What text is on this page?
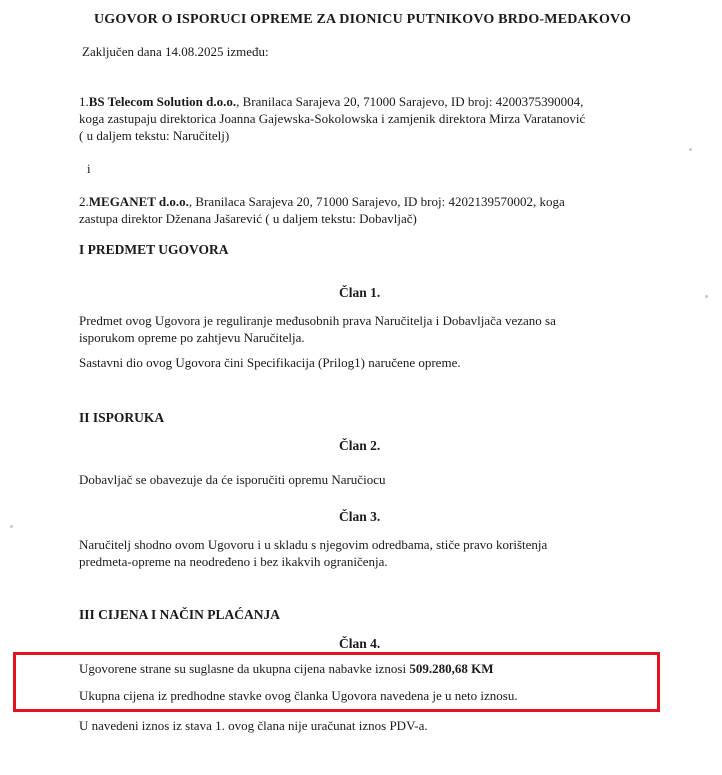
UGOVOR O ISPORUCI OPREME ZA DIONICU PUTNIKOVO BRDO-MEDAKOVO
Zaključen dana 14.08.2025 između:
1.BS Telecom Solution d.o.o., Branilaca Sarajeva 20, 71000 Sarajevo, ID broj: 4200375390004,
koga zastupaju direktorica Joanna Gajewska-Sokolowska i zamjenik direktora Mirza Varatanović
( u daljem tekstu: Naručitelj)
i
2.MEGANET d.o.o., Branilaca Sarajeva 20, 71000 Sarajevo, ID broj: 4202139570002, koga
zastupa direktor Dženana Jašarević ( u daljem tekstu: Dobavljač)
I PREDMET UGOVORA
Član 1.
Predmet ovog Ugovora je reguliranje međusobnih prava Naručitelja i Dobavljača vezano sa
isporukom opreme po zahtjevu Naručitelja.
Sastavni dio ovog Ugovora čini Specifikacija (Prilog1) naručene opreme.
II ISPORUKA
Član 2.
Dobavljač se obavezuje da će isporučiti opremu Naručiocu
Član 3.
Naručitelj shodno ovom Ugovoru i u skladu s njegovim odredbama, stiče pravo korištenja
predmeta-opreme na neodređeno i bez ikakvih ograničenja.
III CIJENA I NAČIN PLAĆANJA
Član 4.
Ugovorene strane su suglasne da ukupna cijena nabavke iznosi 509.280,68 KM
Ukupna cijena iz predhodne stavke ovog članka Ugovora navedena je u neto iznosu.
U navedeni iznos iz stava 1. ovog člana nije uračunat iznos PDV-a.
